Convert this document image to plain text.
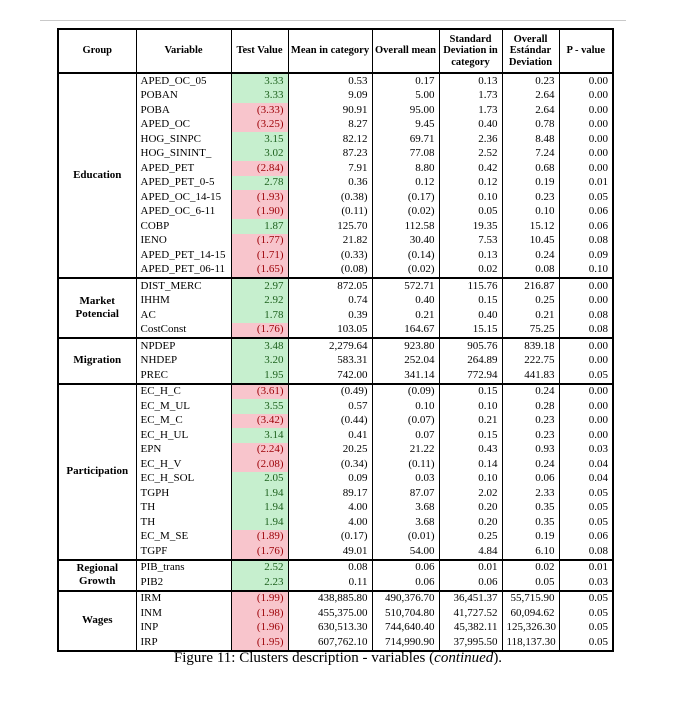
Group	Variable	Test Value	Mean in category	Overall mean	Standard Deviation in category	Overall Estándar Deviation	P - value
Education	APED_OC_05	3.33	0.53	0.17	0.13	0.23	0.00
	POBAN	3.33	9.09	5.00	1.73	2.64	0.00
	POBA	(3.33)	90.91	95.00	1.73	2.64	0.00
	APED_OC	(3.25)	8.27	9.45	0.40	0.78	0.00
	HOG_SINPC	3.15	82.12	69.71	2.36	8.48	0.00
	HOG_SININT_	3.02	87.23	77.08	2.52	7.24	0.00
	APED_PET	(2.84)	7.91	8.80	0.42	0.68	0.00
	APED_PET_0-5	2.78	0.36	0.12	0.12	0.19	0.01
	APED_OC_14-15	(1.93)	(0.38)	(0.17)	0.10	0.23	0.05
	APED_OC_6-11	(1.90)	(0.11)	(0.02)	0.05	0.10	0.06
	COBP	1.87	125.70	112.58	19.35	15.12	0.06
	IENO	(1.77)	21.82	30.40	7.53	10.45	0.08
	APED_PET_14-15	(1.71)	(0.33)	(0.14)	0.13	0.24	0.09
	APED_PET_06-11	(1.65)	(0.08)	(0.02)	0.02	0.08	0.10
Market Potencial	DIST_MERC	2.97	872.05	572.71	115.76	216.87	0.00
	IHHM	2.92	0.74	0.40	0.15	0.25	0.00
	AC	1.78	0.39	0.21	0.40	0.21	0.08
	CostConst	(1.76)	103.05	164.67	15.15	75.25	0.08
Migration	NPDEP	3.48	2,279.64	923.80	905.76	839.18	0.00
	NHDEP	3.20	583.31	252.04	264.89	222.75	0.00
	PREC	1.95	742.00	341.14	772.94	441.83	0.05
Participation	EC_H_C	(3.61)	(0.49)	(0.09)	0.15	0.24	0.00
	EC_M_UL	3.55	0.57	0.10	0.10	0.28	0.00
	EC_M_C	(3.42)	(0.44)	(0.07)	0.21	0.23	0.00
	EC_H_UL	3.14	0.41	0.07	0.15	0.23	0.00
	EPN	(2.24)	20.25	21.22	0.43	0.93	0.03
	EC_H_V	(2.08)	(0.34)	(0.11)	0.14	0.24	0.04
	EC_H_SOL	2.05	0.09	0.03	0.10	0.06	0.04
	TGPH	1.94	89.17	87.07	2.02	2.33	0.05
	TH	1.94	4.00	3.68	0.20	0.35	0.05
	TH	1.94	4.00	3.68	0.20	0.35	0.05
	EC_M_SE	(1.89)	(0.17)	(0.01)	0.25	0.19	0.06
	TGPF	(1.76)	49.01	54.00	4.84	6.10	0.08
Regional Growth	PIB_trans	2.52	0.08	0.06	0.01	0.02	0.01
	PIB2	2.23	0.11	0.06	0.06	0.05	0.03
Wages	IRM	(1.99)	438,885.80	490,376.70	36,451.37	55,715.90	0.05
	INM	(1.98)	455,375.00	510,704.80	41,727.52	60,094.62	0.05
	INP	(1.96)	630,513.30	744,640.40	45,382.11	125,326.30	0.05
	IRP	(1.95)	607,762.10	714,990.90	37,995.50	118,137.30	0.05
Figure 11: Clusters description - variables (continued).
